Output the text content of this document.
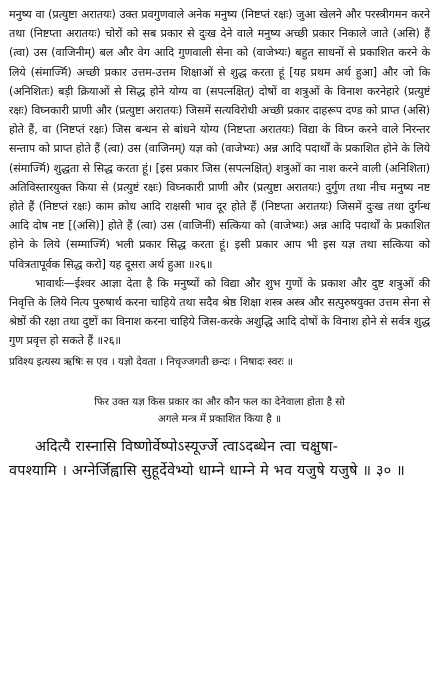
मनुष्य वा (प्रत्युष्टा अरातयः) उक्त प्रवगुणवाले अनेक मनुष्य (निष्टप्तं रक्षः) जुआ खेलने और परस्त्रीगमन करने तथा (निष्टप्ता अरातयः) चोरों को सब प्रकार से दुःख देने वाले मनुष्य अच्छी प्रकार निकाले जाते (असि) हैं (त्वा) उस (वाजिनीम्) बल और वेग आदि गुणवाली सेना को (वाजेभ्यः) बहुत साधनों से प्रकाशित करने के लिये (संमार्ज्मि) अच्छी प्रकार उत्तम-उत्तम शिक्षाओं से शुद्ध करता हूं [यह प्रथम अर्थ हुआ] और जो कि (अनिशितः) बड़ी क्रियाओं से सिद्ध होने योग्य वा (सपत्नक्षित्) दोषों वा शत्रुओं के विनाश करनेहारे (प्रत्युष्टं रक्षः) विघ्नकारी प्राणी और (प्रत्युष्टा अरातयः) जिसमें सत्यविरोधी अच्छी प्रकार दाहरूप दण्ड को प्राप्त (असि) होते हैं, वा (निष्टप्तं रक्षः) जिस बन्धन से बांधने योग्य (निष्टप्ता अरातयः) विद्या के विघ्न करने वाले निरन्तर सन्ताप को प्राप्त होते हैं (त्वा) उस (वाजिनम्) यज्ञ को (वाजेभ्यः) अन्न आदि पदार्थों के प्रकाशित होने के लिये (संमार्ज्मि) शुद्धता से सिद्ध करता हूं। [इस प्रकार जिस (सपत्नक्षित्) शत्रुओं का नाश करने वाली (अनिशिता) अतिविस्तारयुक्त किया से (प्रत्युष्टं रक्षः) विघ्नकारी प्राणी और (प्रत्युष्टा अरातयः) दुर्गुण तथा नीच मनुष्य नष्ट होते हैं (निष्टप्तं रक्षः) काम क्रोध आदि राक्षसी भाव दूर होते हैं (निष्टप्ता अरातयः) जिसमें दुःख तथा दुर्गन्ध आदि दोष नष्ट [(असि)] होते हैं (त्वा) उस (वाजिनीं) सत्किया को (वाजेभ्यः) अन्न आदि पदार्थों के प्रकाशित होने के लिये (सम्मार्ज्मि) भली प्रकार सिद्ध करता हूं। इसी प्रकार आप भी इस यज्ञ तथा सत्किया को पवित्रतापूर्वक सिद्ध करो] यह दूसरा अर्थ हुआ ॥२६॥

भावार्थः—ईश्वर आज्ञा देता है कि मनुष्यों को विद्या और शुभ गुणों के प्रकाश और दुष्ट शत्रुओं की निवृत्ति के लिये नित्य पुरुषार्थ करना चाहिये तथा सदैव श्रेष्ठ शिक्षा शस्त्र अस्त्र और सत्पुरुषयुक्त उत्तम सेना से श्रेष्ठों की रक्षा तथा दुष्टों का विनाश करना चाहिये जिस-करके अशुद्धि आदि दोषों के विनाश होने से सर्वत्र शुद्ध गुण प्रवृत्त हो सकते हैं ॥२६॥

प्रविश्य इत्यस्य ऋषिः स एव । यज्ञो देवता । निचृज्जगती छन्दः । निषादः स्वरः ॥

फिर उक्त यज्ञ किस प्रकार का और कौन फल का देनेवाला होता है सो

अगले मन्त्र में प्रकाशित किया है ॥

अदित्यै रास्नासि विष्णोर्वेष्पोऽस्यूर्ज्जे त्वाऽदब्धेन त्वा चक्षुषा-
वपश्यामि । अग्नेर्जिह्वासि सुहूर्देवेभ्यो धाम्ने धाम्ने मे भव यजुषे यजुषे ॥ ३० ॥
